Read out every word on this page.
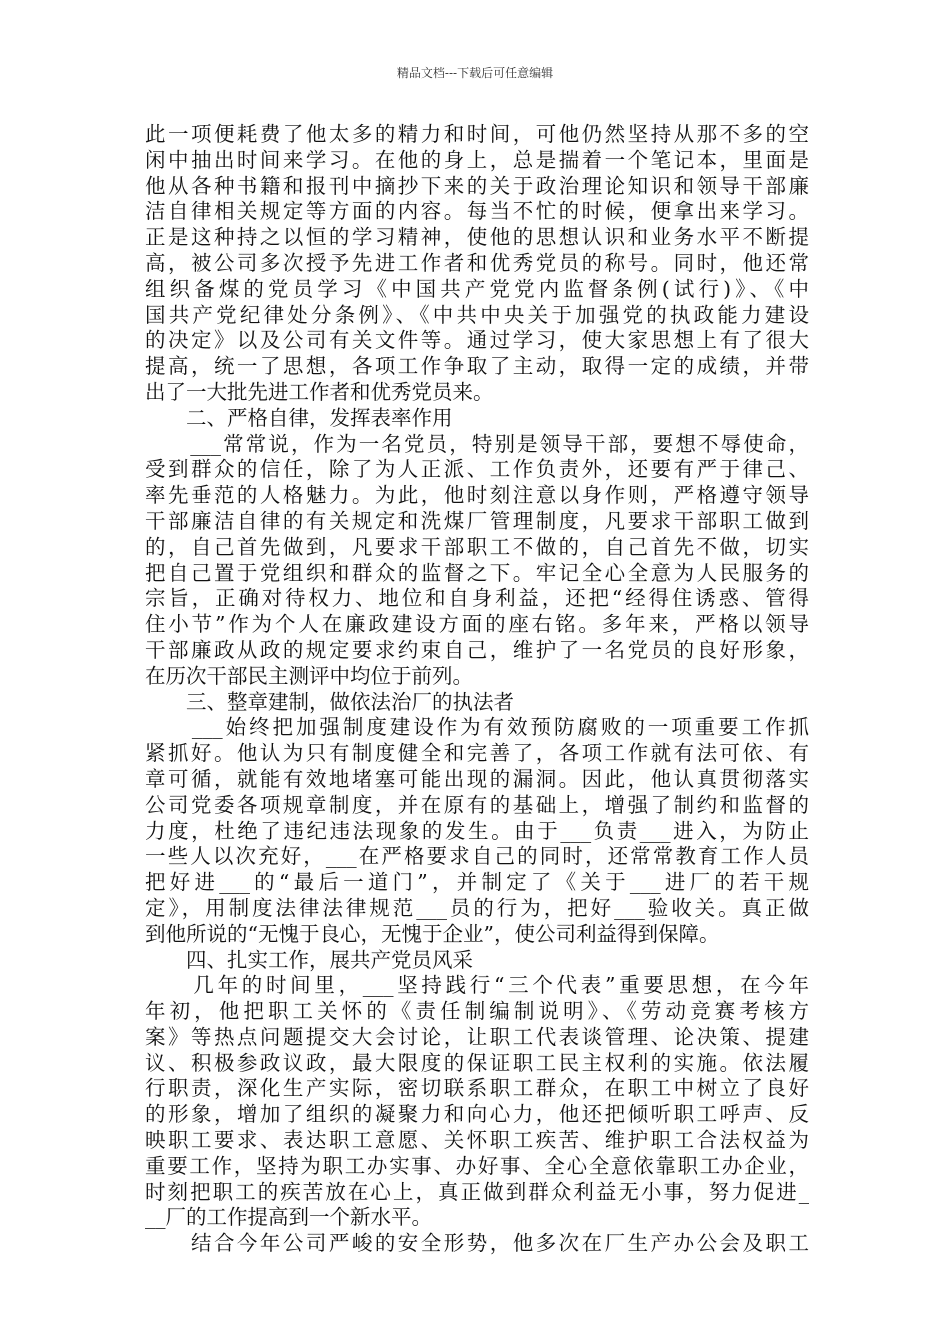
精品文档---下载后可任意编辑
此一项便耗费了他太多的精力和时间，可他仍然坚持从那不多的空
闲中抽出时间来学习。在他的身上，总是揣着一个笔记本，里面是
他从各种书籍和报刊中摘抄下来的关于政治理论知识和领导干部廉
洁自律相关规定等方面的内容。每当不忙的时候，便拿出来学习。
正是这种持之以恒的学习精神，使他的思想认识和业务水平不断提
高，被公司多次授予先进工作者和优秀党员的称号。同时，他还常
组织备煤的党员学习《中国共产党党内监督条例(试行)》、《中
国共产党纪律处分条例》、《中共中央关于加强党的执政能力建设
的决定》以及公司有关文件等。通过学习，使大家思想上有了很大
提高，统一了思想，各项工作争取了主动，取得一定的成绩，并带
出了一大批先进工作者和优秀党员来。
　　二、严格自律，发挥表率作用
　　___常常说，作为一名党员，特别是领导干部，要想不辱使命，
受到群众的信任，除了为人正派、工作负责外，还要有严于律己、
率先垂范的人格魅力。为此，他时刻注意以身作则，严格遵守领导
干部廉洁自律的有关规定和洗煤厂管理制度，凡要求干部职工做到
的，自己首先做到，凡要求干部职工不做的，自己首先不做，切实
把自己置于党组织和群众的监督之下。牢记全心全意为人民服务的
宗旨，正确对待权力、地位和自身利益，还把“经得住诱惑、管得
住小节”作为个人在廉政建设方面的座右铭。多年来，严格以领导
干部廉政从政的规定要求约束自己，维护了一名党员的良好形象，
在历次干部民主测评中均位于前列。
　　三、整章建制，做依法治厂的执法者
　　___始终把加强制度建设作为有效预防腐败的一项重要工作抓
紧抓好。他认为只有制度健全和完善了，各项工作就有法可依、有
章可循，就能有效地堵塞可能出现的漏洞。因此，他认真贯彻落实
公司党委各项规章制度，并在原有的基础上，增强了制约和监督的
力度，杜绝了违纪违法现象的发生。由于___负责___进入，为防止
一些人以次充好，___在严格要求自己的同时，还常常教育工作人员
把好进___的“最后一道门”，并制定了《关于___进厂的若干规
定》，用制度法律法律规范___员的行为，把好___验收关。真正做
到他所说的“无愧于良心，无愧于企业”，使公司利益得到保障。
　　四、扎实工作，展共产党员风采
　　几年的时间里，___坚持践行“三个代表”重要思想，在今年
年初，他把职工关怀的《责任制编制说明》、《劳动竞赛考核方
案》等热点问题提交大会讨论，让职工代表谈管理、论决策、提建
议、积极参政议政，最大限度的保证职工民主权利的实施。依法履
行职责，深化生产实际，密切联系职工群众，在职工中树立了良好
的形象，增加了组织的凝聚力和向心力，他还把倾听职工呼声、反
映职工要求、表达职工意愿、关怀职工疾苦、维护职工合法权益为
重要工作，坚持为职工办实事、办好事、全心全意依靠职工办企业，
时刻把职工的疾苦放在心上，真正做到群众利益无小事，努力促进_
__厂的工作提高到一个新水平。
　　结合今年公司严峻的安全形势，他多次在厂生产办公会及职工
